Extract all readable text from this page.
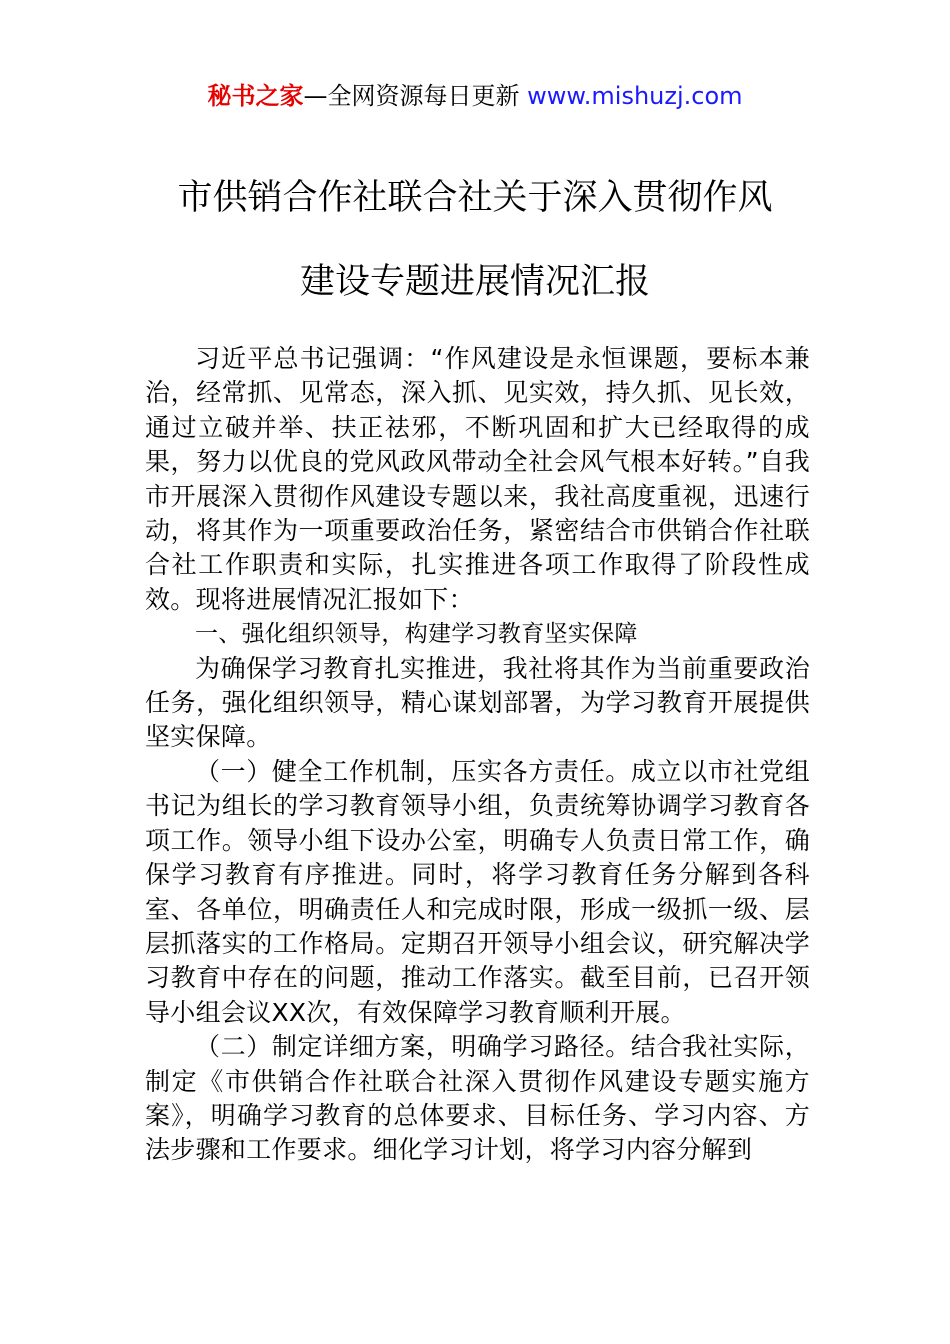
秘书之家—全网资源每日更新 www.mishuzj.com
市供销合作社联合社关于深入贯彻作风
建设专题进展情况汇报

习近平总书记强调：“作风建设是永恒课题，要标本兼治，经常抓、见常态，深入抓、见实效，持久抓、见长效，通过立破并举、扶正祛邪，不断巩固和扩大已经取得的成果，努力以优良的党风政风带动全社会风气根本好转。”自我市开展深入贯彻作风建设专题以来，我社高度重视，迅速行动，将其作为一项重要政治任务，紧密结合市供销合作社联合社工作职责和实际，扎实推进各项工作取得了阶段性成效。现将进展情况汇报如下：

一、强化组织领导，构建学习教育坚实保障

为确保学习教育扎实推进，我社将其作为当前重要政治任务，强化组织领导，精心谋划部署，为学习教育开展提供坚实保障。

（一）健全工作机制，压实各方责任。成立以市社党组书记为组长的学习教育领导小组，负责统筹协调学习教育各项工作。领导小组下设办公室，明确专人负责日常工作，确保学习教育有序推进。同时，将学习教育任务分解到各科室、各单位，明确责任人和完成时限，形成一级抓一级、层层抓落实的工作格局。定期召开领导小组会议，研究解决学习教育中存在的问题，推动工作落实。截至目前，已召开领导小组会议XX次，有效保障学习教育顺利开展。

（二）制定详细方案，明确学习路径。结合我社实际，制定《市供销合作社联合社深入贯彻作风建设专题实施方案》，明确学习教育的总体要求、目标任务、学习内容、方法步骤和工作要求。细化学习计划，将学习内容分解到
